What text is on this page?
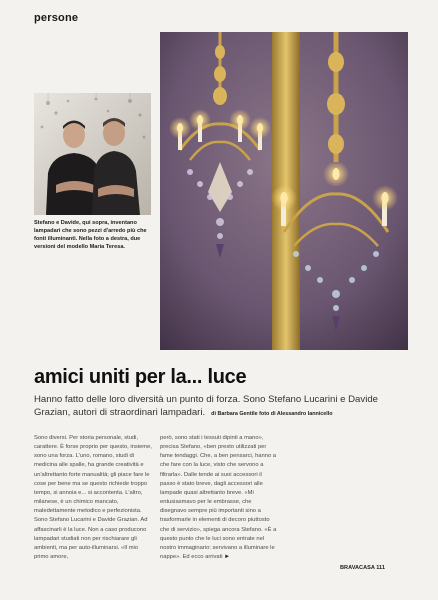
persone
Stefano e Davide, qui sopra, inventano lampadari che sono pezzi d'arredo più che fonti illuminanti. Nella foto a destra, due versioni del modello Maria Teresa.
amici uniti per la... luce
Hanno fatto delle loro diversità un punto di forza. Sono Stefano Lucarini e Davide Grazian, autori di straordinari lampadari. di Barbara Gentile foto di Alessandro Iannicello
Sono diversi. Per storia personale, studi, carattere. È forse proprio per questo, insieme, sono una forza. L'uno, romano, studi di medicina alle spalle, ha grande creatività e un'altrettanto forte manualità; gli piace fare le cose per bene ma se questo richiede troppo tempo, si annoia e... si accontenta. L'altro, milanese, è un chimico mancato, maledettamente metodico e perfezionista. Sono Stefano Lucarini e Davide Grazian. Ad affascinarli è la luce. Non a caso producono lampadari studiati non per rischiarare gli ambienti, ma per auto-illuminarsi. «Il mio primo amore,
però, sono stati i tessuti dipinti a mano», precisa Stefano, «ben presto utilizzati per fame tendaggi. Che, a ben pensarci, hanno a che fare con la luce, visto che servono a filtrarla». Dalle tende ai suoi accessori il passo è stato breve, dagli accessori alle lampade quasi altrettanto breve. «Mi entusiasmavo per le embrasse, che disegnavo sempre più importanti sino a trasformarle in elementi di decoro piuttosto che di servizio», spiega ancora Stefano. «È a questo punto che le luci sono entrate nel nostro immaginario: servivano a illuminare le nappe». Ed ecco arrivati ►
BRAVACASA 111
